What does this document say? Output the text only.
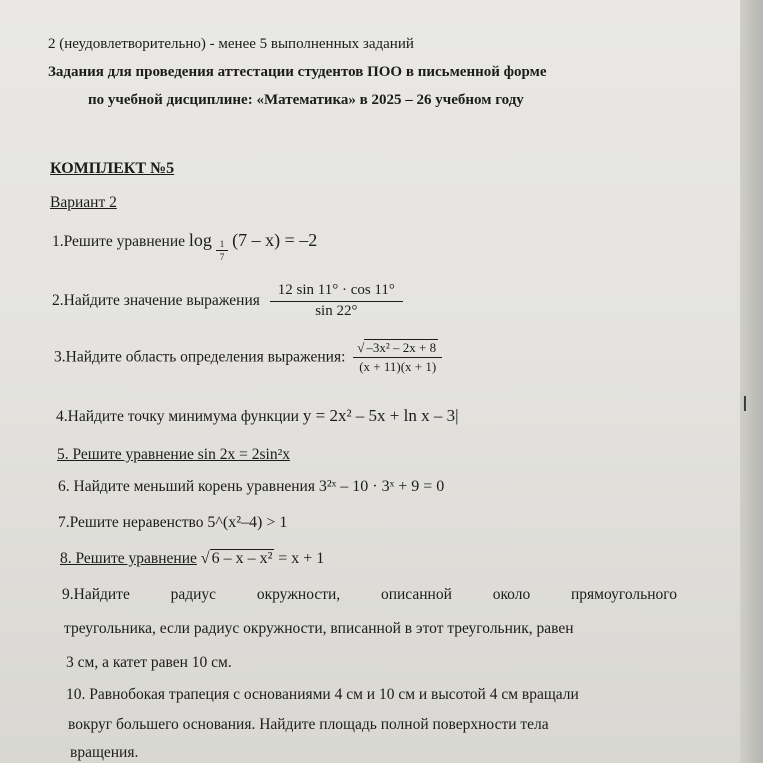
I
2 (неудовлетворительно) - менее 5 выполненных заданий
Задания для проведения аттестации студентов ПОО в письменной форме
по учебной дисциплине: «Математика» в 2025 – 26 учебном году
КОМПЛЕКТ №5
Вариант 2
1.Решите уравнение $\log \frac{1}{7} (7 - x) = -2$
2.Найдите значение выражения $\frac{12 \sin 11^\circ \cdot \cos 11^\circ}{\sin 22^\circ}$
3.Найдите область определения выражения: $\frac{\text{√ –3x² – 2x + 8}}{(x + 11)(x + 1)}$
4.Найдите точку минимума функции y = 2x² – 5x + ln x – 3|
5. Решите уравнение sin 2x = 2sin²x
6. Найдите меньший корень уравнения 3²ˣ – 10 · 3ˣ + 9 = 0
7.Решите неравенство 5^(x²–4) > 1
8. Решите уравнение √ 6 – x – x² = x + 1
9.Найдите	радиус	окружности,	описанной	около	прямоугольного
треугольника, если радиус окружности, вписанной в этот треугольник, равен
3 см, а катет равен 10 см.
10. Равнобокая трапеция с основаниями 4 см и 10 см и высотой 4 см вращали
вокруг большего основания. Найдите площадь полной поверхности тела
вращения.
